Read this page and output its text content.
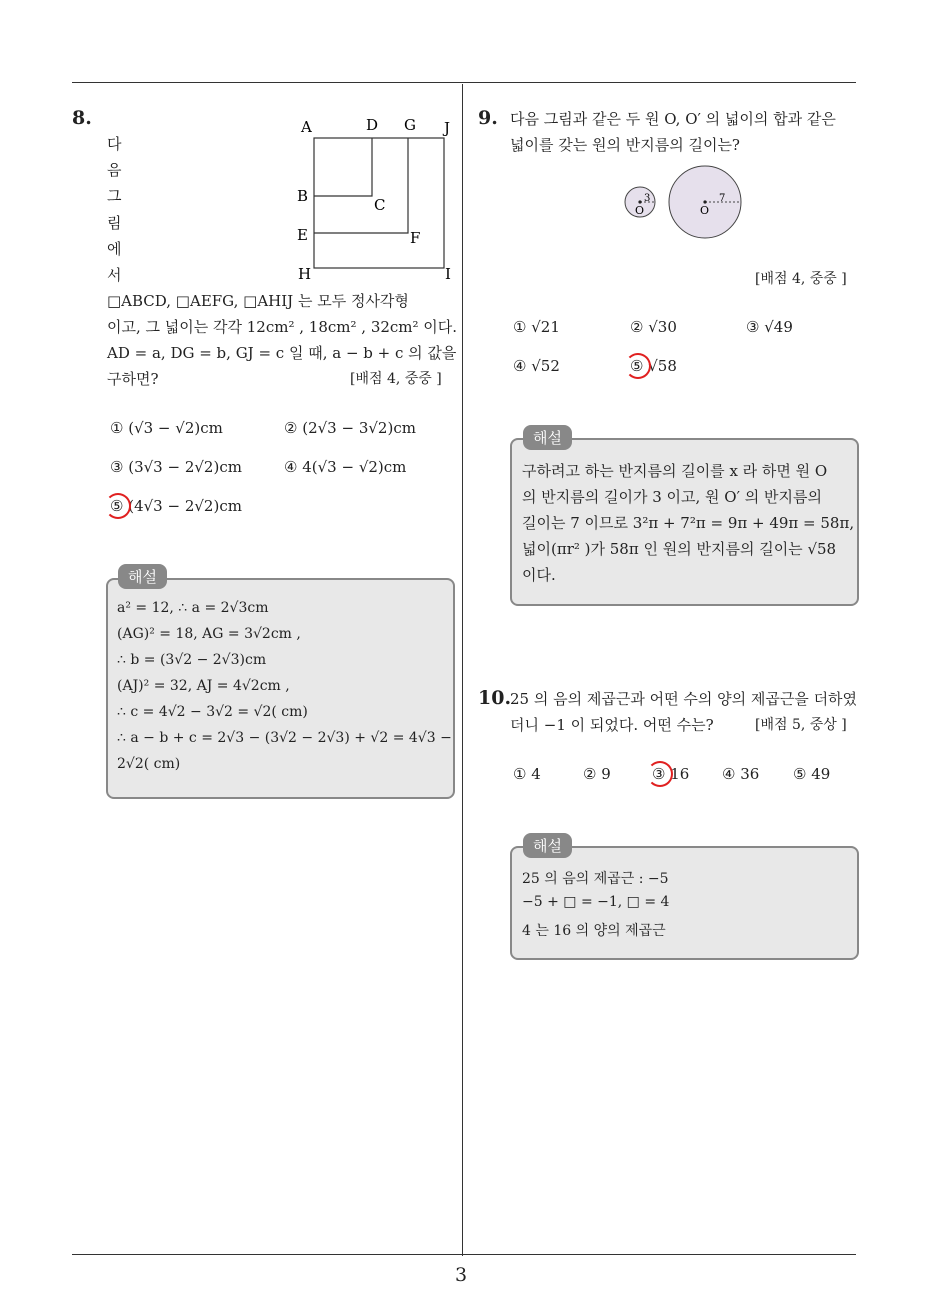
3
8.
다
음
그
림
에
서
A	D G J
B	C
E	F
H	I
□ABCD, □AEFG, □AHIJ 는 모두 정사각형
이고, 그 넓이는 각각 12cm² , 18cm² , 32cm² 이다.
AD = a, DG = b, GJ = c 일 때, a − b + c 의 값을
구하면?	[배점 4, 중중 ]
① (√3 − √2)cm	② (2√3 − 3√2)cm
③ (3√3 − 2√2)cm	④ 4(√3 − √2)cm
⑤ (4√3 − 2√2)cm
해설
a² = 12, ∴ a = 2√3cm
(AG)² = 18, AG = 3√2cm ,
∴ b = (3√2 − 2√3)cm
(AJ)² = 32, AJ = 4√2cm ,
∴ c = 4√2 − 3√2 = √2( cm)
∴ a − b + c = 2√3 − (3√2 − 2√3) + √2 = 4√3 −
2√2( cm)
9. 다음 그림과 같은 두 원 O, O′ 의 넓이의 합과 같은
넓이를 갖는 원의 반지름의 길이는?
3
O
7
O
[배점 4, 중중 ]
① √21	② √30	③ √49
④ √52	⑤ √58
해설
구하려고 하는 반지름의 길이를 x 라 하면 원 O
의 반지름의 길이가 3 이고, 원 O′ 의 반지름의
길이는 7 이므로 3²π + 7²π = 9π + 49π = 58π,
넓이(πr² )가 58π 인 원의 반지름의 길이는 √58
이다.
10.
25 의 음의 제곱근과 어떤 수의 양의 제곱근을 더하였
더니 −1 이 되었다. 어떤 수는?	[배점 5, 중상 ]
① 4	② 9	③ 16 ④ 36 ⑤ 49
해설
25 의 음의 제곱근 : −5
−5 + □ = −1, □ = 4
4 는 16 의 양의 제곱근
